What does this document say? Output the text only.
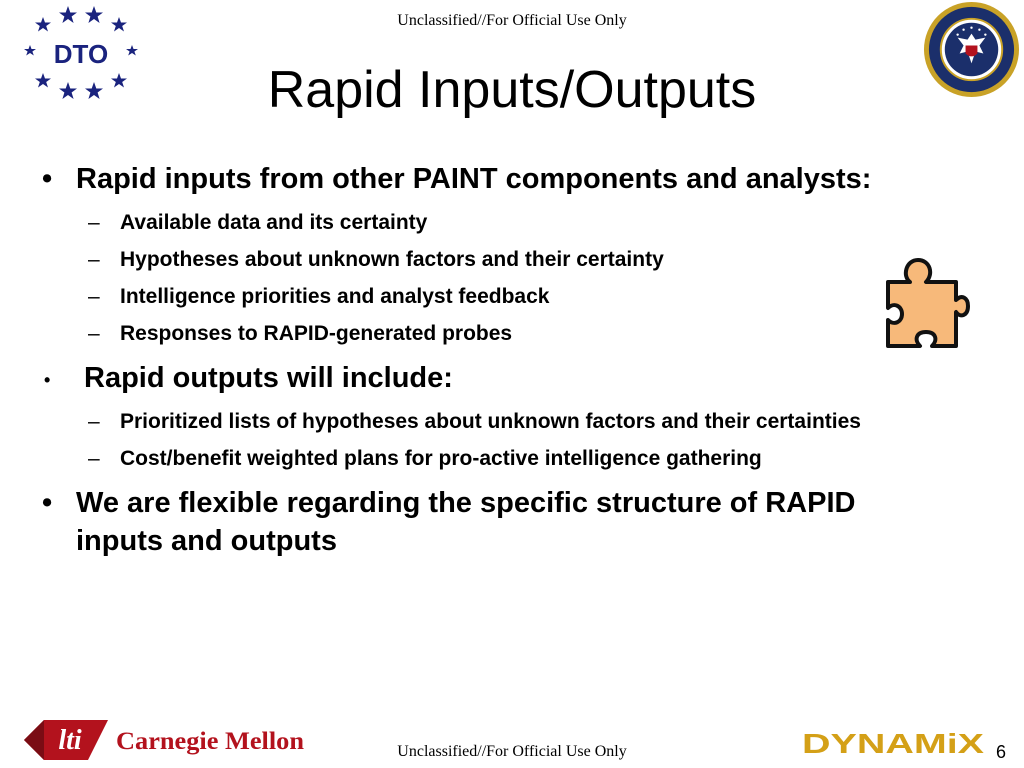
Unclassified//For Official Use Only
DTO
Rapid Inputs/Outputs
• Rapid inputs from other PAINT components and analysts:
– Available data and its certainty
– Hypotheses about unknown factors and their certainty
– Intelligence priorities and analyst feedback
– Responses to RAPID-generated probes
• Rapid outputs will include:
– Prioritized lists of hypotheses about unknown factors and their certainties
– Cost/benefit weighted plans for pro-active intelligence gathering
• We are flexible regarding the specific structure of RAPID inputs and outputs
lti Carnegie Mellon	Unclassified//For Official Use Only	DYNAMiX 6
